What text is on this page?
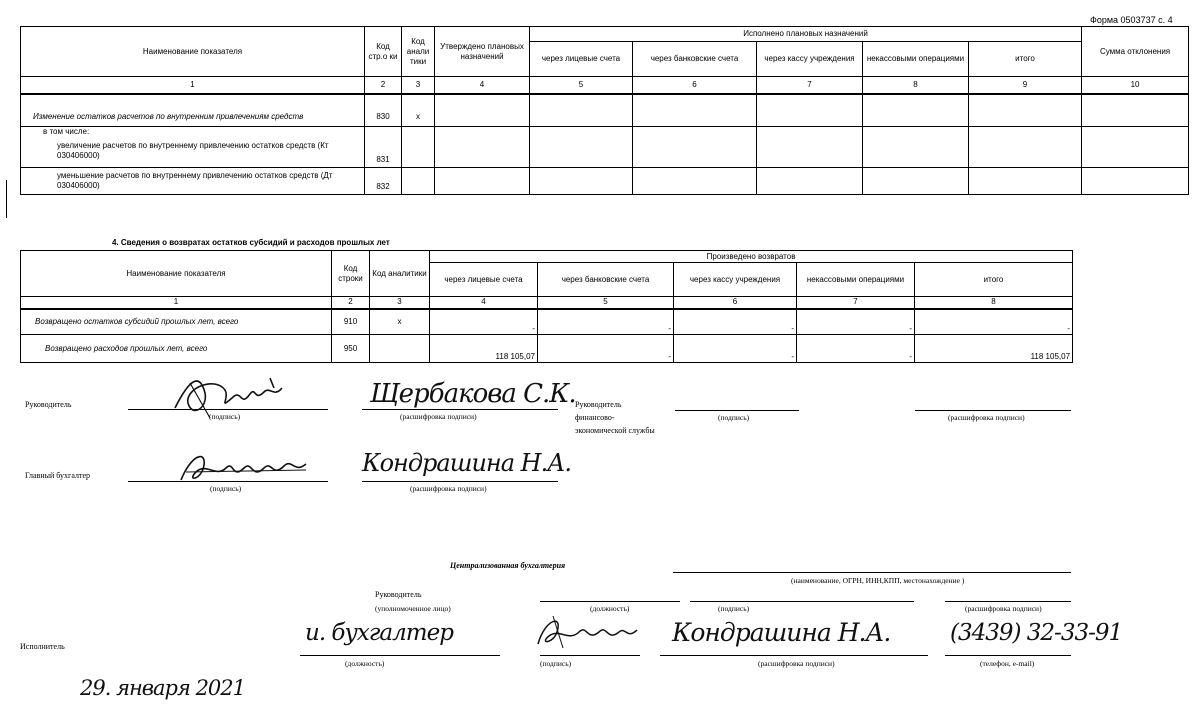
Форма 0503737 с. 4
Наименование показателя	Код стр.о ки	Код анали тики	Утверждено плановых назначений	Исполнено плановых назначений					Сумма отклонения
				через лицевые счета	через банковские счета	через кассу учреждения	некассовыми операциями	итого	
1	2	3	4	5	6	7	8	9	10
Изменение остатков расчетов по внутренним привлечениям средств	830	x							

в том числе:
увеличение расчетов по внутреннему привлечению остатков средств (Кт 030406000)	831								
уменьшение расчетов по внутреннему привлечению остатков средств (Дт 030406000)	832								
4. Сведения о возвратах остатков субсидий и расходов прошлых лет
Наименование показателя	Код строки	Код аналитики	Произведено возвратов				
			через лицевые счета	через банковские счета	через кассу учреждения	некассовыми операциями	итого
1	2	3	4	5	6	7	8
Возвращено остатков субсидий прошлых лет, всего	910	x	-	-	-	-	-
Возвращено расходов прошлых лет, всего	950		118 105,07	-	-	-	118 105,07
Руководитель
(подпись)
Щербакова С.К.
(расшифровка подписи)
Руководитель
финансово-
экономической службы
(подпись)	(расшифровка подписи)
Главный бухгалтер
(подпись)
Кондрашина Н.А.
(расшифровка подписи)
Централизованная бухгалтерия
(наименование, ОГРН, ИНН,КПП, местонахождение )
Руководитель
(уполномоченное лицо)	(должность)	(подпись)	(расшифровка подписи)
Исполнитель
и. бухгалтер
(должность)	(подпись)
Кондрашина Н.А.
(расшифровка подписи)
(3439) 32-33-91
(телефон, e-mail)
29. января 2021
